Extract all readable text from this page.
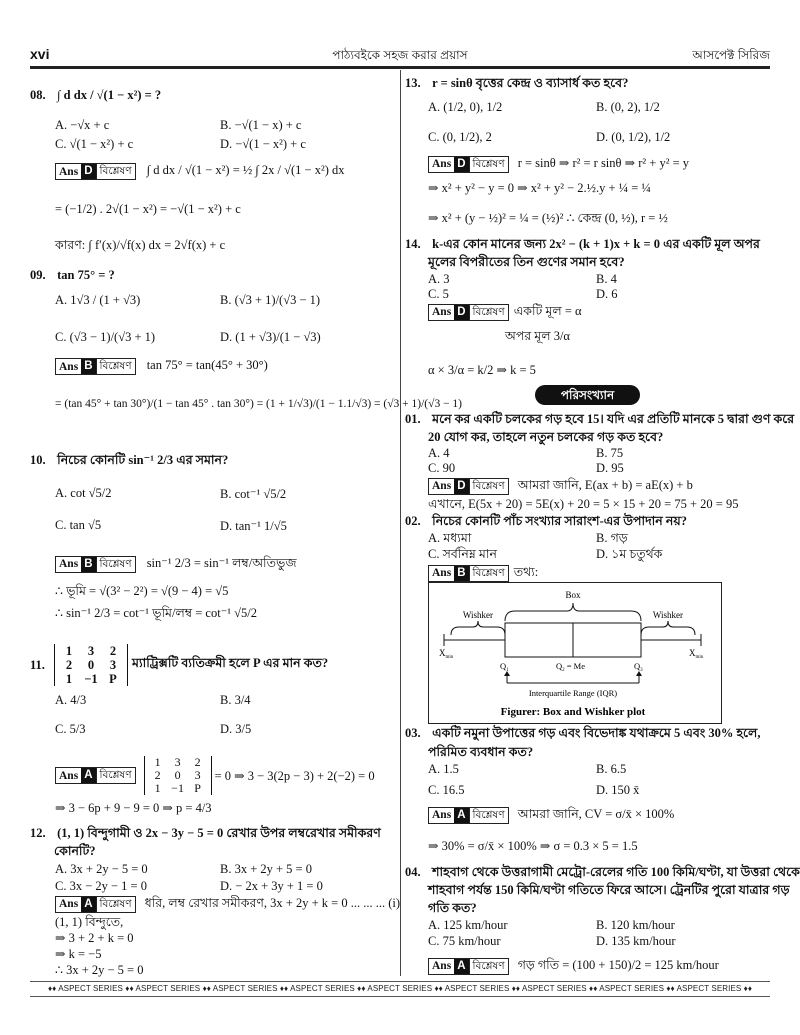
xvi	পাঠ্যবইকে সহজ করার প্রয়াস	আসপেক্ট সিরিজ
08. ∫ d dx / √(1 − x²) = ?
A. −√x + c	B. −√(1 − x) + c
C. √(1 − x²) + c	D. −√(1 − x²) + c
Ans D বিশ্লেষণ ∫ d dx / √(1 − x²) = ½ ∫ 2x / √(1 − x²) dx
= (−1/2) . 2√(1 − x²) = −√(1 − x²) + c
কারণ: ∫ f′(x)/√f(x) dx = 2√f(x) + c
09. tan 75° = ?
A. 1√3 / (1 + √3)	B. (√3 + 1)/(√3 − 1)
C. (√3 − 1)/(√3 + 1)	D. (1 + √3)/(1 − √3)
Ans B বিশ্লেষণ tan 75° = tan(45° + 30°)
= (tan 45° + tan 30°)/(1 − tan 45° . tan 30°) = (1 + 1/√3)/(1 − 1.1/√3) = (√3 + 1)/(√3 − 1)
10. নিচের কোনটি sin⁻¹ 2/3 এর সমান?
A. cot √5/2	B. cot⁻¹ √5/2
C. tan √5	D. tan⁻¹ 1/√5
Ans B বিশ্লেষণ sin⁻¹ 2/3 = sin⁻¹ লম্ব/অতিভুজ
∴ ভূমি = √(3² − 2²) = √(9 − 4) = √5
∴ sin⁻¹ 2/3 = cot⁻¹ ভূমি/লম্ব = cot⁻¹ √5/2
11.
1	3	2
2	0	3
1 −1 P
ম্যাট্রিক্সটি ব্যতিক্রমী হলে P এর মান কত?
A. 4/3	B. 3/4
C. 5/3	D. 3/5
Ans A বিশ্লেষণ
1	3	2
2	0	3
1 −1 P
= 0 ⇒ 3 − 3(2p − 3) + 2(−2) = 0
⇒ 3 − 6p + 9 − 9 = 0 ⇒ p = 4/3
12. (1, 1) বিন্দুগামী ও 2x − 3y − 5 = 0 রেখার উপর লম্বরেখার সমীকরণ
কোনটি?
A. 3x + 2y − 5 = 0	B. 3x + 2y + 5 = 0
C. 3x − 2y − 1 = 0	D. − 2x + 3y + 1 = 0
Ans A বিশ্লেষণ ধরি, লম্ব রেখার সমীকরণ, 3x + 2y + k = 0 ... ... ... (i)
(1, 1) বিন্দুতে,
⇒ 3 + 2 + k = 0
⇒ k = −5
∴ 3x + 2y − 5 = 0
13. r = sinθ বৃত্তের কেন্দ্র ও ব্যাসার্ধ কত হবে?
A. (1/2, 0), 1/2	B. (0, 2), 1/2
C. (0, 1/2), 2	D. (0, 1/2), 1/2
Ans D বিশ্লেষণ r = sinθ ⇒ r² = r sinθ ⇒ r² + y² = y
⇒ x² + y² − y = 0 ⇒ x² + y² − 2.½.y + ¼ = ¼
⇒ x² + (y − ½)² = ¼ = (½)² ∴ কেন্দ্র (0, ½), r = ½
14. k-এর কোন মানের জন্য 2x² − (k + 1)x + k = 0 এর একটি মূল অপর
মূলের বিপরীতের তিন গুণের সমান হবে?
A. 3	B. 4
C. 5	D. 6
Ans D বিশ্লেষণ একটি মূল = α
অপর মূল 3/α
α × 3/α = k/2 ⇒ k = 5
পরিসংখ্যান
01. মনে কর একটি চলকের গড় হবে 15। যদি এর প্রতিটি মানকে 5 দ্বারা গুণ করে
20 যোগ কর, তাহলে নতুন চলকের গড় কত হবে?
A. 4	B. 75
C. 90	D. 95
Ans D বিশ্লেষণ আমরা জানি, E(ax + b) = aE(x) + b
এখানে, E(5x + 20) = 5E(x) + 20 = 5 × 15 + 20 = 75 + 20 = 95
02. নিচের কোনটি পাঁচ সংখ্যার সারাংশ-এর উপাদান নয়?
A. মধ্যমা	B. গড়
C. সর্বনিম্ন মান	D. ১ম চতুর্থক
Ans B বিশ্লেষণ তথ্য:
Box
Wishker	Wishker
$X_{min}$	$X_{min}$
$Q_1$	$Q_2 = Me$	$Q_3$
Interquartile Range (IQR)
Figurer: Box and Wishker plot
03. একটি নমুনা উপাত্তের গড় এবং বিভেদাঙ্ক যথাক্রমে 5 এবং 30% হলে,
পরিমিত ব্যবধান কত?
A. 1.5	B. 6.5
C. 16.5	D. 150 x̄
Ans A বিশ্লেষণ আমরা জানি, CV = σ/x̄ × 100%
⇒ 30% = σ/x̄ × 100% ⇒ σ = 0.3 × 5 = 1.5
04. শাহবাগ থেকে উত্তরাগামী মেট্রো-রেলের গতি 100 কিমি/ঘণ্টা, যা উত্তরা থেকে
শাহবাগ পর্যন্ত 150 কিমি/ঘণ্টা গতিতে ফিরে আসে। ট্রেনটির পুরো যাত্রার গড়
গতি কত?
A. 125 km/hour	B. 120 km/hour
C. 75 km/hour	D. 135 km/hour
Ans A বিশ্লেষণ গড় গতি = (100 + 150)/2 = 125 km/hour
♦♦ ASPECT SERIES ♦♦ ASPECT SERIES ♦♦ ASPECT SERIES ♦♦ ASPECT SERIES ♦♦ ASPECT SERIES ♦♦ ASPECT SERIES ♦♦ ASPECT SERIES ♦♦ ASPECT SERIES ♦♦ ASPECT SERIES ♦♦
